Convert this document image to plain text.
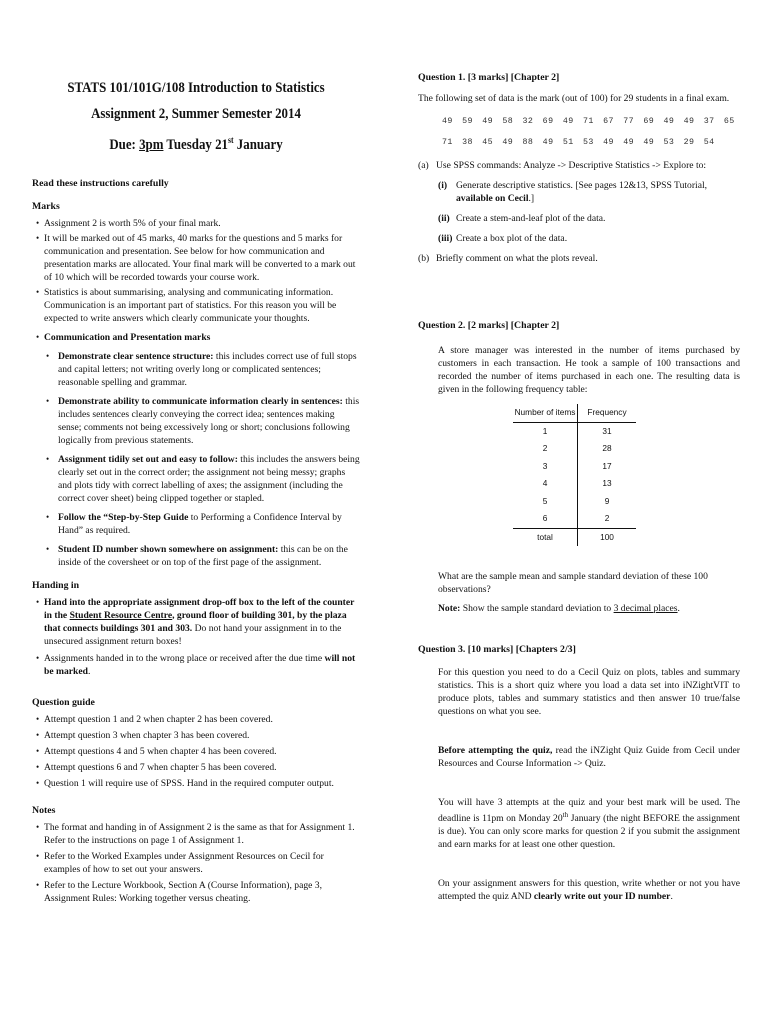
STATS 101/101G/108 Introduction to Statistics
Assignment 2, Summer Semester 2014
Due: 3pm Tuesday 21st January

Read these instructions carefully

Marks

• Assignment 2 is worth 5% of your final mark.
• It will be marked out of 45 marks, 40 marks for the questions and 5 marks for communication and presentation. See below for how communication and presentation marks are allocated. Your final mark will be converted to a mark out of 10 which will be recorded towards your course work.
• Statistics is about summarising, analysing and communicating information. Communication is an important part of statistics. For this reason you will be expected to write answers which clearly communicate your thoughts.
• Communication and Presentation marks
• Demonstrate clear sentence structure: this includes correct use of full stops and capital letters; not writing overly long or complicated sentences; reasonable spelling and grammar.
• Demonstrate ability to communicate information clearly in sentences: this includes sentences clearly conveying the correct idea; sentences making sense; comments not being excessively long or short; conclusions following logically from previous statements.
• Assignment tidily set out and easy to follow: this includes the answers being clearly set out in the correct order; the assignment not being messy; graphs and plots tidy with correct labelling of axes; the assignment (including the correct cover sheet) being clipped together or stapled.
• Follow the “Step-by-Step Guide to Performing a Confidence Interval by Hand” as required.
• Student ID number shown somewhere on assignment: this can be on the inside of the coversheet or on top of the first page of the assignment.

Handing in

• Hand into the appropriate assignment drop-off box to the left of the counter in the Student Resource Centre, ground floor of building 301, by the plaza that connects buildings 301 and 303. Do not hand your assignment in to the unsecured assignment return boxes!
• Assignments handed in to the wrong place or received after the due time will not be marked.

Question guide

• Attempt question 1 and 2 when chapter 2 has been covered.
• Attempt question 3 when chapter 3 has been covered.
• Attempt questions 4 and 5 when chapter 4 has been covered.
• Attempt questions 6 and 7 when chapter 5 has been covered.
• Question 1 will require use of SPSS. Hand in the required computer output.

Notes

• The format and handing in of Assignment 2 is the same as that for Assignment 1. Refer to the instructions on page 1 of Assignment 1.
• Refer to the Worked Examples under Assignment Resources on Cecil for examples of how to set out your answers.
• Refer to the Lecture Workbook, Section A (Course Information), page 3, Assignment Rules: Working together versus cheating.

Question 1. [3 marks] [Chapter 2]

The following set of data is the mark (out of 100) for 29 students in a final exam.

49 59 49 58 32 69 49 71 67 77 69 49 49 37 65
71 38 45 49 88 49 51 53 49 49 49 53 29 54
(a) Use SPSS commands: Analyze -> Descriptive Statistics -> Explore to:
(i) Generate descriptive statistics. [See pages 12&13, SPSS Tutorial, available on Cecil.]
(ii) Create a stem-and-leaf plot of the data.
(iii) Create a box plot of the data.
(b) Briefly comment on what the plots reveal.

Question 2. [2 marks] [Chapter 2]

A store manager was interested in the number of items purchased by customers in each transaction. He took a sample of 100 transactions and recorded the number of items purchased in each one. The resulting data is given in the following frequency table:

Number of items	Frequency
1	31
2	28
3	17
4	13
5	9
6	2
total	100

What are the sample mean and sample standard deviation of these 100 observations?

Note: Show the sample standard deviation to 3 decimal places.

Question 3. [10 marks] [Chapters 2/3]

For this question you need to do a Cecil Quiz on plots, tables and summary statistics. This is a short quiz where you load a data set into iNZightVIT to produce plots, tables and summary statistics and then answer 10 true/false questions on what you see.

Before attempting the quiz, read the iNZight Quiz Guide from Cecil under Resources and Course Information -> Quiz.

You will have 3 attempts at the quiz and your best mark will be used. The deadline is 11pm on Monday 20th January (the night BEFORE the assignment is due). You can only score marks for question 2 if you submit the assignment and earn marks for at least one other question.

On your assignment answers for this question, write whether or not you have attempted the quiz AND clearly write out your ID number.
